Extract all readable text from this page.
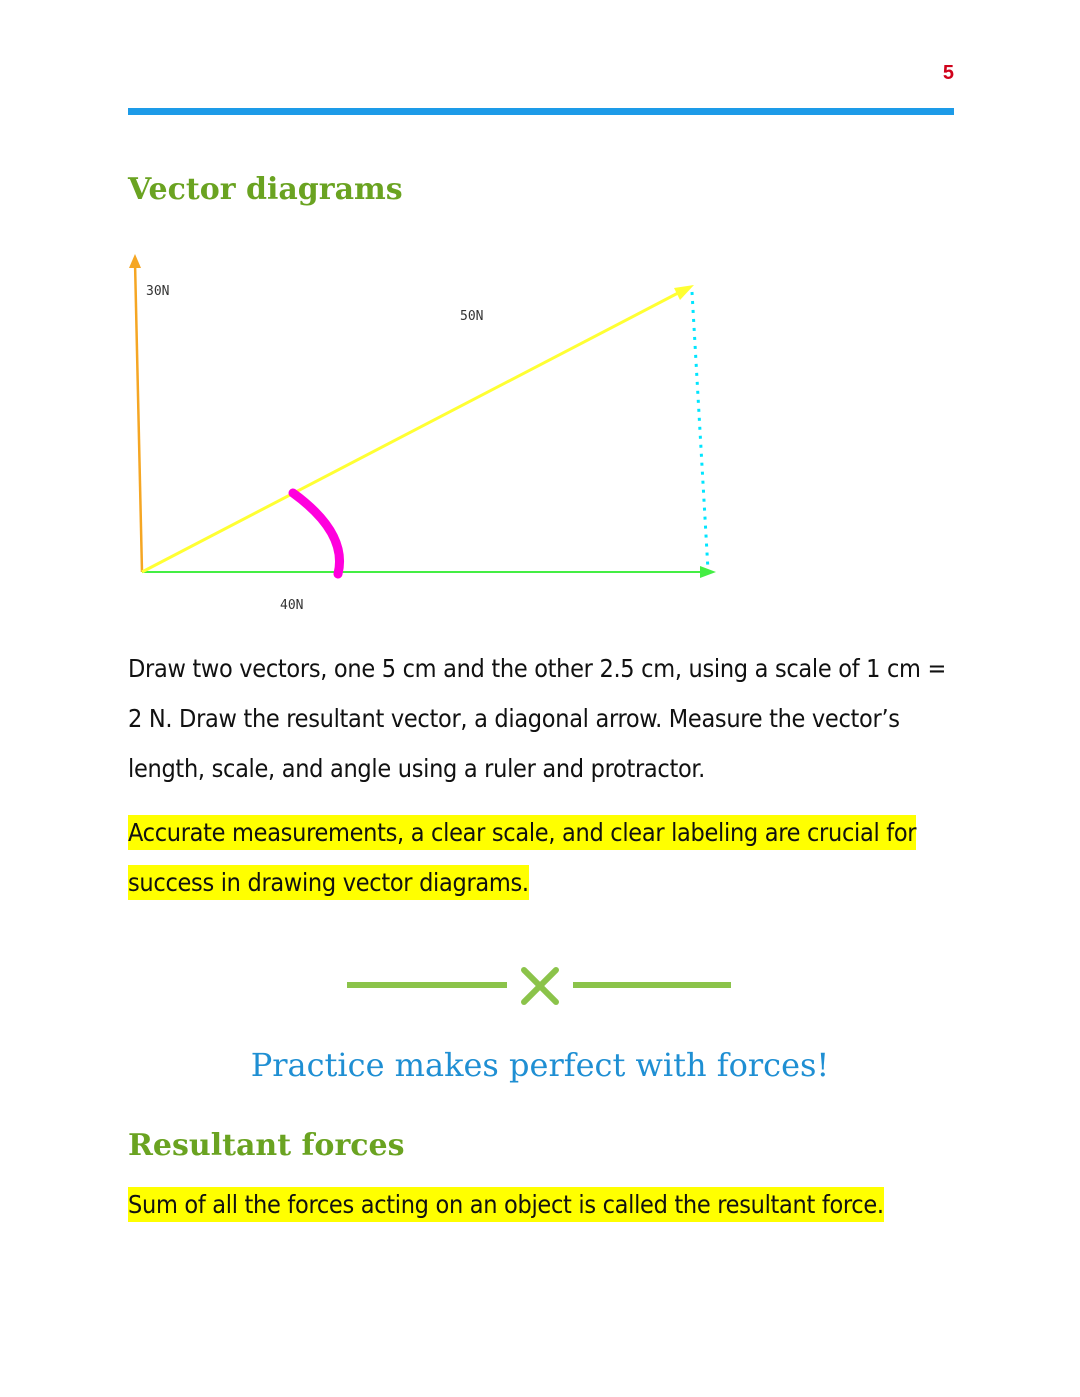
5
Vector diagrams
30N
50N
40N

Draw two vectors, one 5 cm and the other 2.5 cm, using a scale of 1 cm = 2 N. Draw the resultant vector, a diagonal arrow. Measure the vector’s length, scale, and angle using a ruler and protractor.

Accurate measurements, a clear scale, and clear labeling are crucial for success in drawing vector diagrams.

Practice makes perfect with forces!

Resultant forces

Sum of all the forces acting on an object is called the resultant force.
